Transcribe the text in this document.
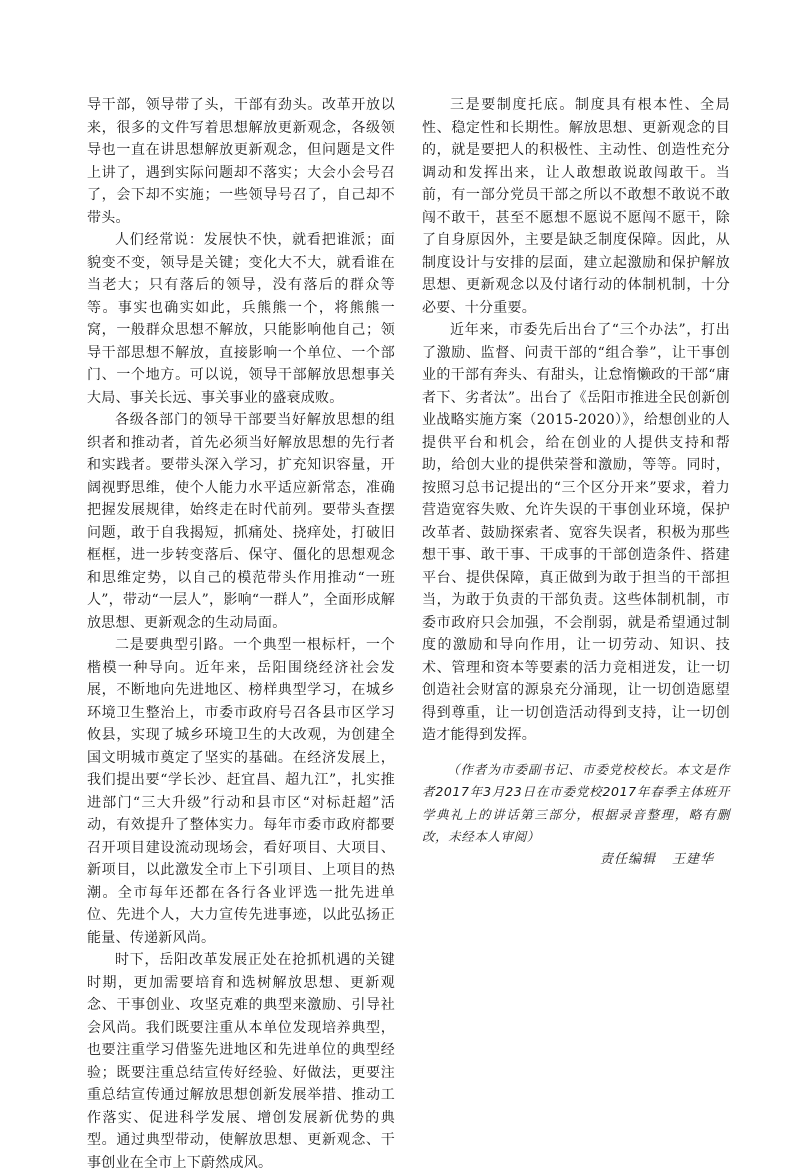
导干部，领导带了头，干部有劲头。改革开放以来，很多的文件写着思想解放更新观念，各级领导也一直在讲思想解放更新观念，但问题是文件上讲了，遇到实际问题却不落实；大会小会号召了，会下却不实施；一些领导号召了，自己却不带头。

人们经常说：发展快不快，就看把谁派；面貌变不变，领导是关键；变化大不大，就看谁在当老大；只有落后的领导，没有落后的群众等等。事实也确实如此，兵熊熊一个，将熊熊一窝，一般群众思想不解放，只能影响他自己；领导干部思想不解放，直接影响一个单位、一个部门、一个地方。可以说，领导干部解放思想事关大局、事关长远、事关事业的盛衰成败。

各级各部门的领导干部要当好解放思想的组织者和推动者，首先必须当好解放思想的先行者和实践者。要带头深入学习，扩充知识容量，开阔视野思维，使个人能力水平适应新常态，准确把握发展规律，始终走在时代前列。要带头查摆问题，敢于自我揭短，抓痛处、挠痒处，打破旧框框，进一步转变落后、保守、僵化的思想观念和思维定势，以自己的模范带头作用推动“一班人”，带动“一层人”，影响“一群人”，全面形成解放思想、更新观念的生动局面。

二是要典型引路。一个典型一根标杆，一个楷模一种导向。近年来，岳阳围绕经济社会发展，不断地向先进地区、榜样典型学习，在城乡环境卫生整治上，市委市政府号召各县市区学习攸县，实现了城乡环境卫生的大改观，为创建全国文明城市奠定了坚实的基础。在经济发展上，我们提出要“学长沙、赶宜昌、超九江”，扎实推进部门“三大升级”行动和县市区“对标赶超”活动，有效提升了整体实力。每年市委市政府都要召开项目建设流动现场会，看好项目、大项目、新项目，以此激发全市上下引项目、上项目的热潮。全市每年还都在各行各业评选一批先进单位、先进个人，大力宣传先进事迹，以此弘扬正能量、传递新风尚。

时下，岳阳改革发展正处在抢抓机遇的关键时期，更加需要培育和选树解放思想、更新观念、干事创业、攻坚克难的典型来激励、引导社会风尚。我们既要注重从本单位发现培养典型，也要注重学习借鉴先进地区和先进单位的典型经验；既要注重总结宣传好经验、好做法，更要注重总结宣传通过解放思想创新发展举措、推动工作落实、促进科学发展、增创发展新优势的典型。通过典型带动，使解放思想、更新观念、干事创业在全市上下蔚然成风。

三是要制度托底。制度具有根本性、全局性、稳定性和长期性。解放思想、更新观念的目的，就是要把人的积极性、主动性、创造性充分调动和发挥出来，让人敢想敢说敢闯敢干。当前，有一部分党员干部之所以不敢想不敢说不敢闯不敢干，甚至不愿想不愿说不愿闯不愿干，除了自身原因外，主要是缺乏制度保障。因此，从制度设计与安排的层面，建立起激励和保护解放思想、更新观念以及付诸行动的体制机制，十分必要、十分重要。

近年来，市委先后出台了“三个办法”，打出了激励、监督、问责干部的“组合拳”，让干事创业的干部有奔头、有甜头，让怠惰懒政的干部“庸者下、劣者汰”。出台了《岳阳市推进全民创新创业战略实施方案（2015-2020）》，给想创业的人提供平台和机会，给在创业的人提供支持和帮助，给创大业的提供荣誉和激励，等等。同时，按照习总书记提出的“三个区分开来”要求，着力营造宽容失败、允许失误的干事创业环境，保护改革者、鼓励探索者、宽容失误者，积极为那些想干事、敢干事、干成事的干部创造条件、搭建平台、提供保障，真正做到为敢于担当的干部担当，为敢于负责的干部负责。这些体制机制，市委市政府只会加强，不会削弱，就是希望通过制度的激励和导向作用，让一切劳动、知识、技术、管理和资本等要素的活力竞相迸发，让一切创造社会财富的源泉充分涌现，让一切创造愿望得到尊重，让一切创造活动得到支持，让一切创造才能得到发挥。

（作者为市委副书记、市委党校校长。本文是作者2017年3月23日在市委党校2017年春季主体班开学典礼上的讲话第三部分，根据录音整理，略有删改，未经本人审阅）

责任编辑 王建华
